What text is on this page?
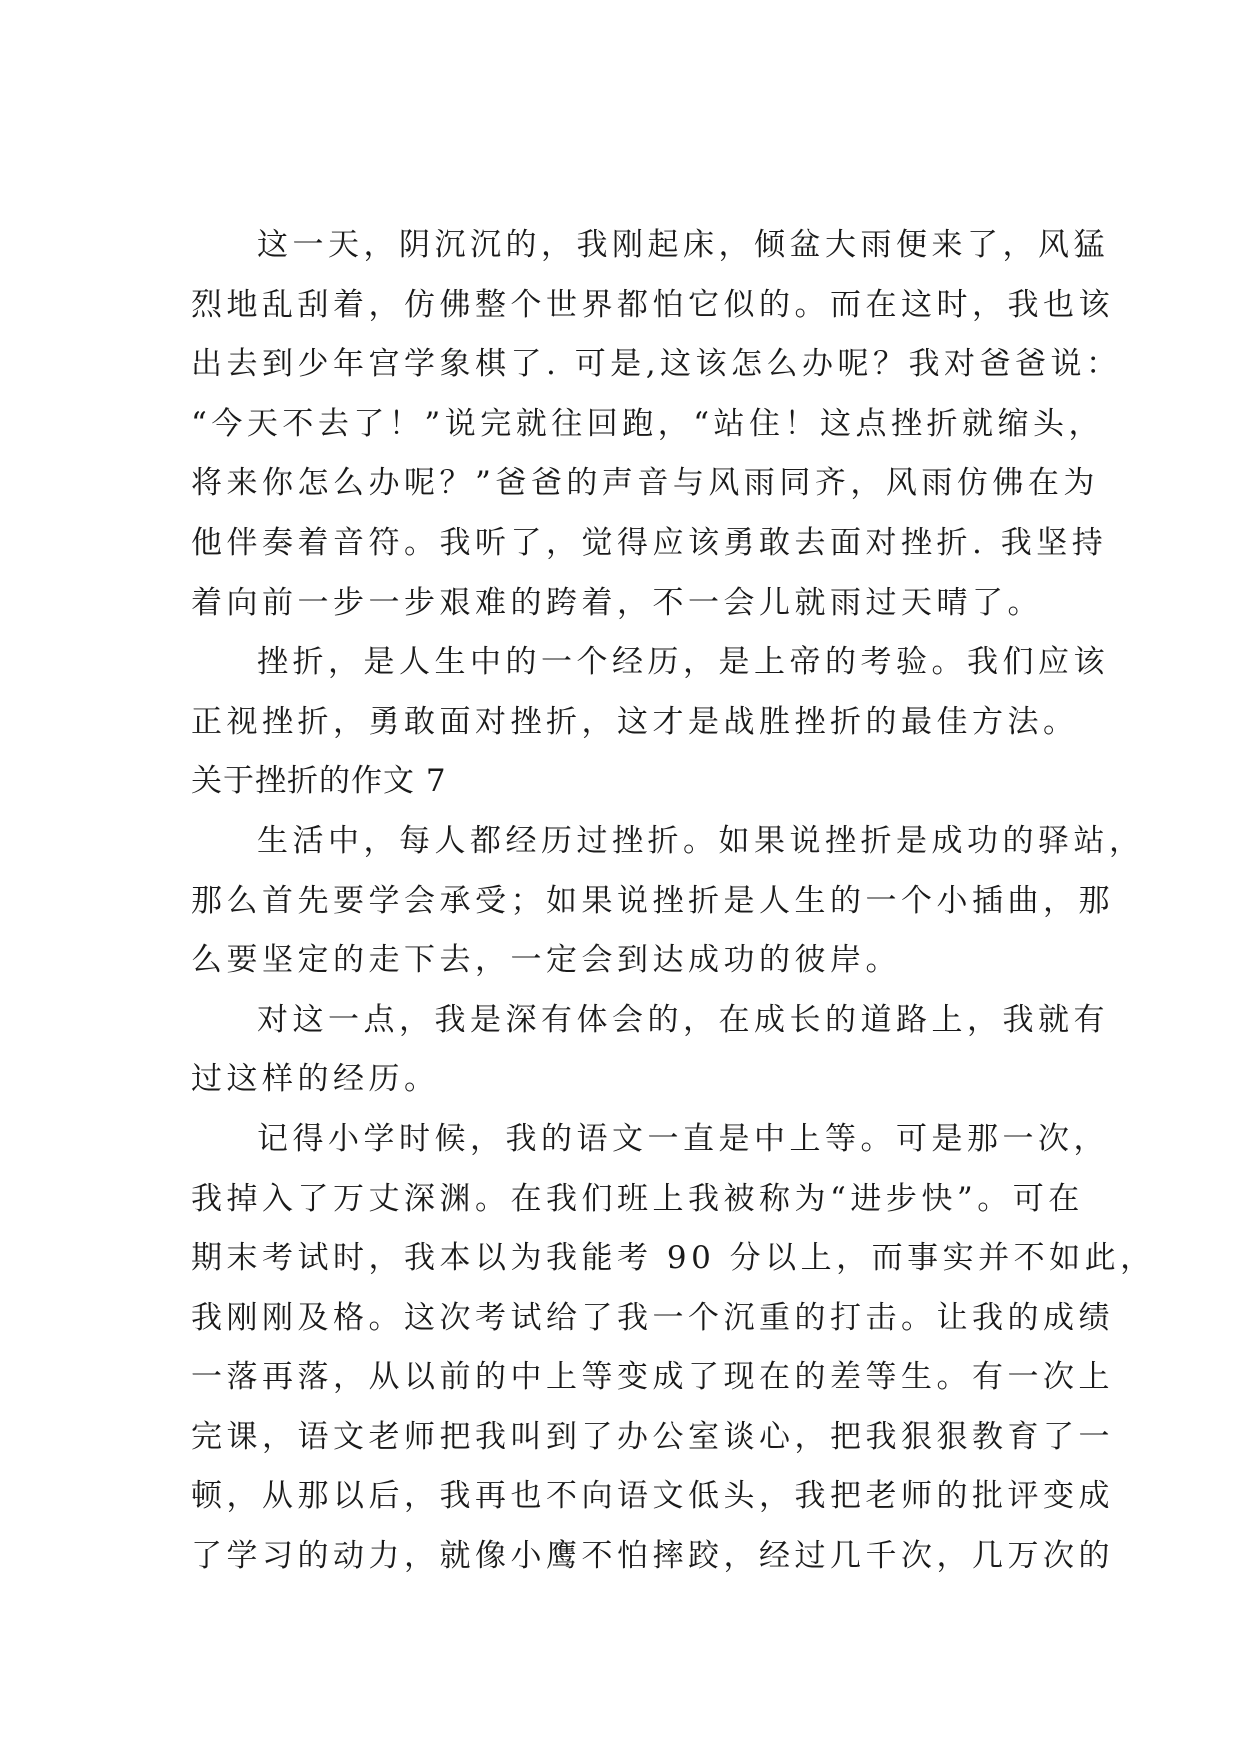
这一天，阴沉沉的，我刚起床，倾盆大雨便来了，风猛
烈地乱刮着，仿佛整个世界都怕它似的。而在这时，我也该
出去到少年宫学象棋了. 可是,这该怎么办呢？我对爸爸说：
“今天不去了！”说完就往回跑，“站住！这点挫折就缩头，
将来你怎么办呢？”爸爸的声音与风雨同齐，风雨仿佛在为
他伴奏着音符。我听了，觉得应该勇敢去面对挫折. 我坚持
着向前一步一步艰难的跨着，不一会儿就雨过天晴了。
挫折，是人生中的一个经历，是上帝的考验。我们应该
正视挫折，勇敢面对挫折，这才是战胜挫折的最佳方法。
关于挫折的作文 7
生活中，每人都经历过挫折。如果说挫折是成功的驿站，
那么首先要学会承受；如果说挫折是人生的一个小插曲，那
么要坚定的走下去，一定会到达成功的彼岸。
对这一点，我是深有体会的，在成长的道路上，我就有
过这样的经历。
记得小学时候，我的语文一直是中上等。可是那一次，
我掉入了万丈深渊。在我们班上我被称为“进步快”。可在
期末考试时，我本以为我能考 90 分以上，而事实并不如此，
我刚刚及格。这次考试给了我一个沉重的打击。让我的成绩
一落再落，从以前的中上等变成了现在的差等生。有一次上
完课，语文老师把我叫到了办公室谈心，把我狠狠教育了一
顿，从那以后，我再也不向语文低头，我把老师的批评变成
了学习的动力，就像小鹰不怕摔跤，经过几千次，几万次的
